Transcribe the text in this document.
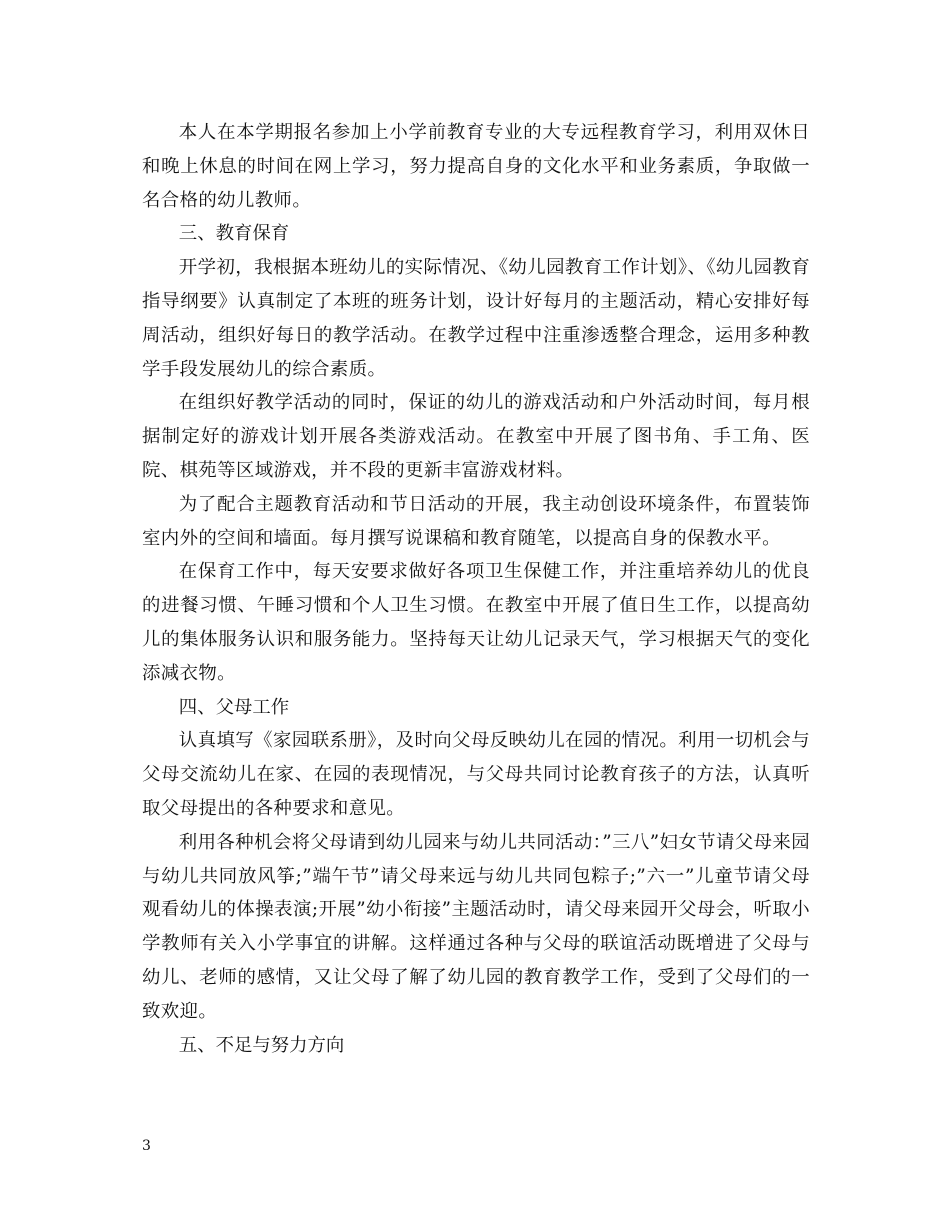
本人在本学期报名参加上小学前教育专业的大专远程教育学习，利用双休日和晚上休息的时间在网上学习，努力提高自身的文化水平和业务素质，争取做一名合格的幼儿教师。

三、教育保育

开学初，我根据本班幼儿的实际情况、《幼儿园教育工作计划》、《幼儿园教育指导纲要》认真制定了本班的班务计划，设计好每月的主题活动，精心安排好每周活动，组织好每日的教学活动。在教学过程中注重渗透整合理念，运用多种教学手段发展幼儿的综合素质。

在组织好教学活动的同时，保证的幼儿的游戏活动和户外活动时间，每月根据制定好的游戏计划开展各类游戏活动。在教室中开展了图书角、手工角、医院、棋苑等区域游戏，并不段的更新丰富游戏材料。

为了配合主题教育活动和节日活动的开展，我主动创设环境条件，布置装饰室内外的空间和墙面。每月撰写说课稿和教育随笔，以提高自身的保教水平。

在保育工作中，每天安要求做好各项卫生保健工作，并注重培养幼儿的优良的进餐习惯、午睡习惯和个人卫生习惯。在教室中开展了值日生工作，以提高幼儿的集体服务认识和服务能力。坚持每天让幼儿记录天气，学习根据天气的变化添减衣物。

四、父母工作

认真填写《家园联系册》，及时向父母反映幼儿在园的情况。利用一切机会与父母交流幼儿在家、在园的表现情况，与父母共同讨论教育孩子的方法，认真听取父母提出的各种要求和意见。

利用各种机会将父母请到幼儿园来与幼儿共同活动：”三八”妇女节请父母来园与幼儿共同放风筝;”端午节”请父母来远与幼儿共同包粽子;”六一”儿童节请父母观看幼儿的体操表演;开展”幼小衔接”主题活动时，请父母来园开父母会，听取小学教师有关入小学事宜的讲解。这样通过各种与父母的联谊活动既增进了父母与幼儿、老师的感情，又让父母了解了幼儿园的教育教学工作，受到了父母们的一致欢迎。

五、不足与努力方向

3
